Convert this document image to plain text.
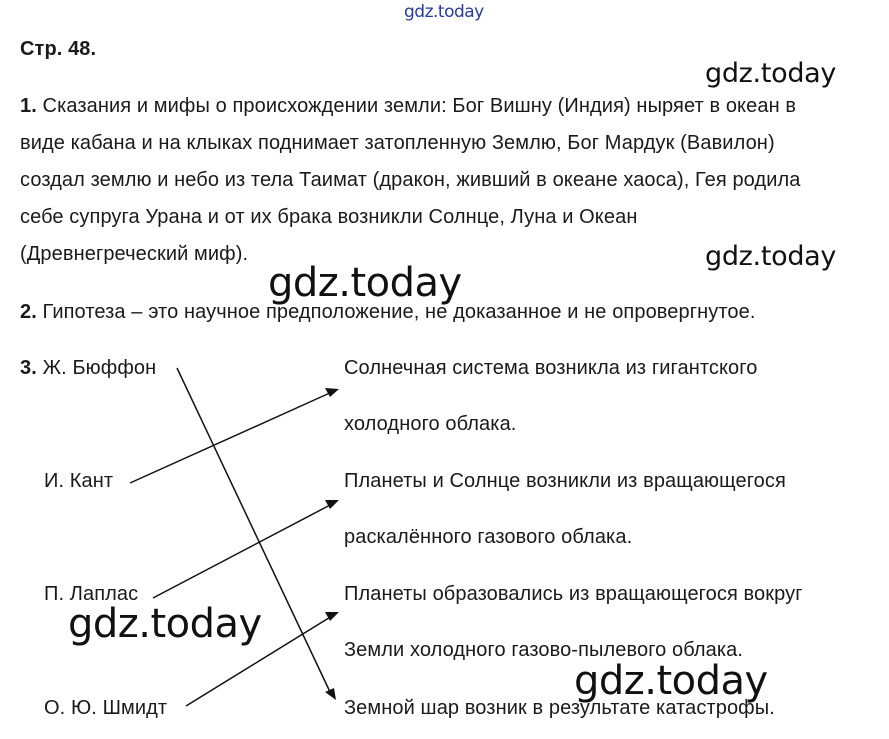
gdz.today
gdz.today
gdz.today
gdz.today
gdz.today
gdz.today
Стр. 48.
1. Сказания и мифы о происхождении земли: Бог Вишну (Индия) ныряет в океан в
виде кабана и на клыках поднимает затопленную Землю, Бог Мардук (Вавилон)
создал землю и небо из тела Таимат (дракон, живший в океане хаоса), Гея родила
себе супруга Урана и от их брака возникли Солнце, Луна и Океан
(Древнегреческий миф).
2. Гипотеза – это научное предположение, не доказанное и не опровергнутое.
3. Ж. Бюффон
И. Кант
П. Лаплас
О. Ю. Шмидт
Солнечная система возникла из гигантского
холодного облака.
Планеты и Солнце возникли из вращающегося
раскалённого газового облака.
Планеты образовались из вращающегося вокруг
Земли холодного газово-пылевого облака.
Земной шар возник в результате катастрофы.
